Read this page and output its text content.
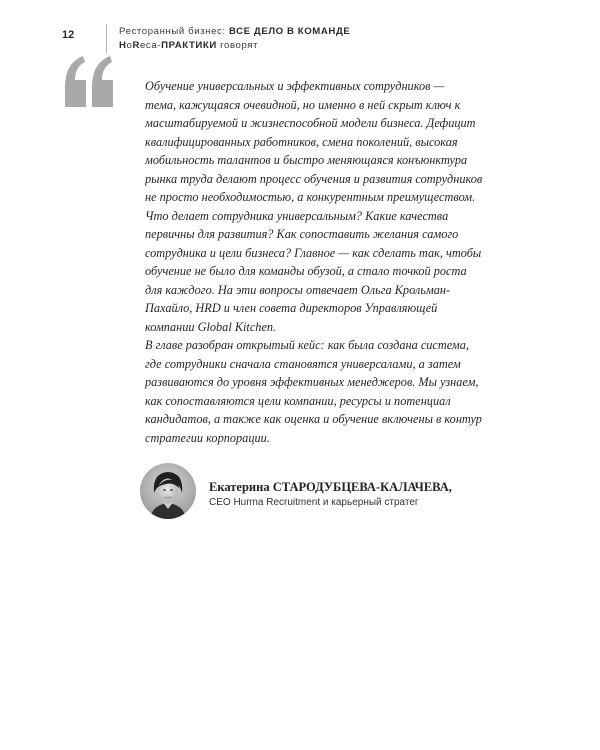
12	Ресторанный бизнес: ВСЕ ДЕЛО В КОМАНДЕ
HoReca-ПРАКТИКИ говорят

Обучение универсальных и эффективных сотрудников —

тема, кажущаяся очевидной, но именно в ней скрыт ключ к

масштабируемой и жизнеспособной модели бизнеса. Дефицит

квалифицированных работников, смена поколений, высокая

мобильность талантов и быстро меняющаяся конъюнктура

рынка труда делают процесс обучения и развития сотрудников

не просто необходимостью, а конкурентным преимуществом.

Что делает сотрудника универсальным? Какие качества

первичны для развития? Как сопоставить желания самого

сотрудника и цели бизнеса? Главное — как сделать так, чтобы

обучение не было для команды обузой, а стало точкой роста

для каждого. На эти вопросы отвечает Ольга Крольман-

Пахайло, HRD и член совета директоров Управляющей

компании Global Kitchen.

В главе разобран открытый кейс: как была создана система,

где сотрудники сначала становятся универсалами, а затем

развиваются до уровня эффективных менеджеров. Мы узнаем,

как сопоставляются цели компании, ресурсы и потенциал

кандидатов, а также как оценка и обучение включены в контур

стратегии корпорации.

Екатерина СТАРОДУБЦЕВА-КАЛАЧЕВА,
CEO Hurma Recruitment и карьерный стратег
